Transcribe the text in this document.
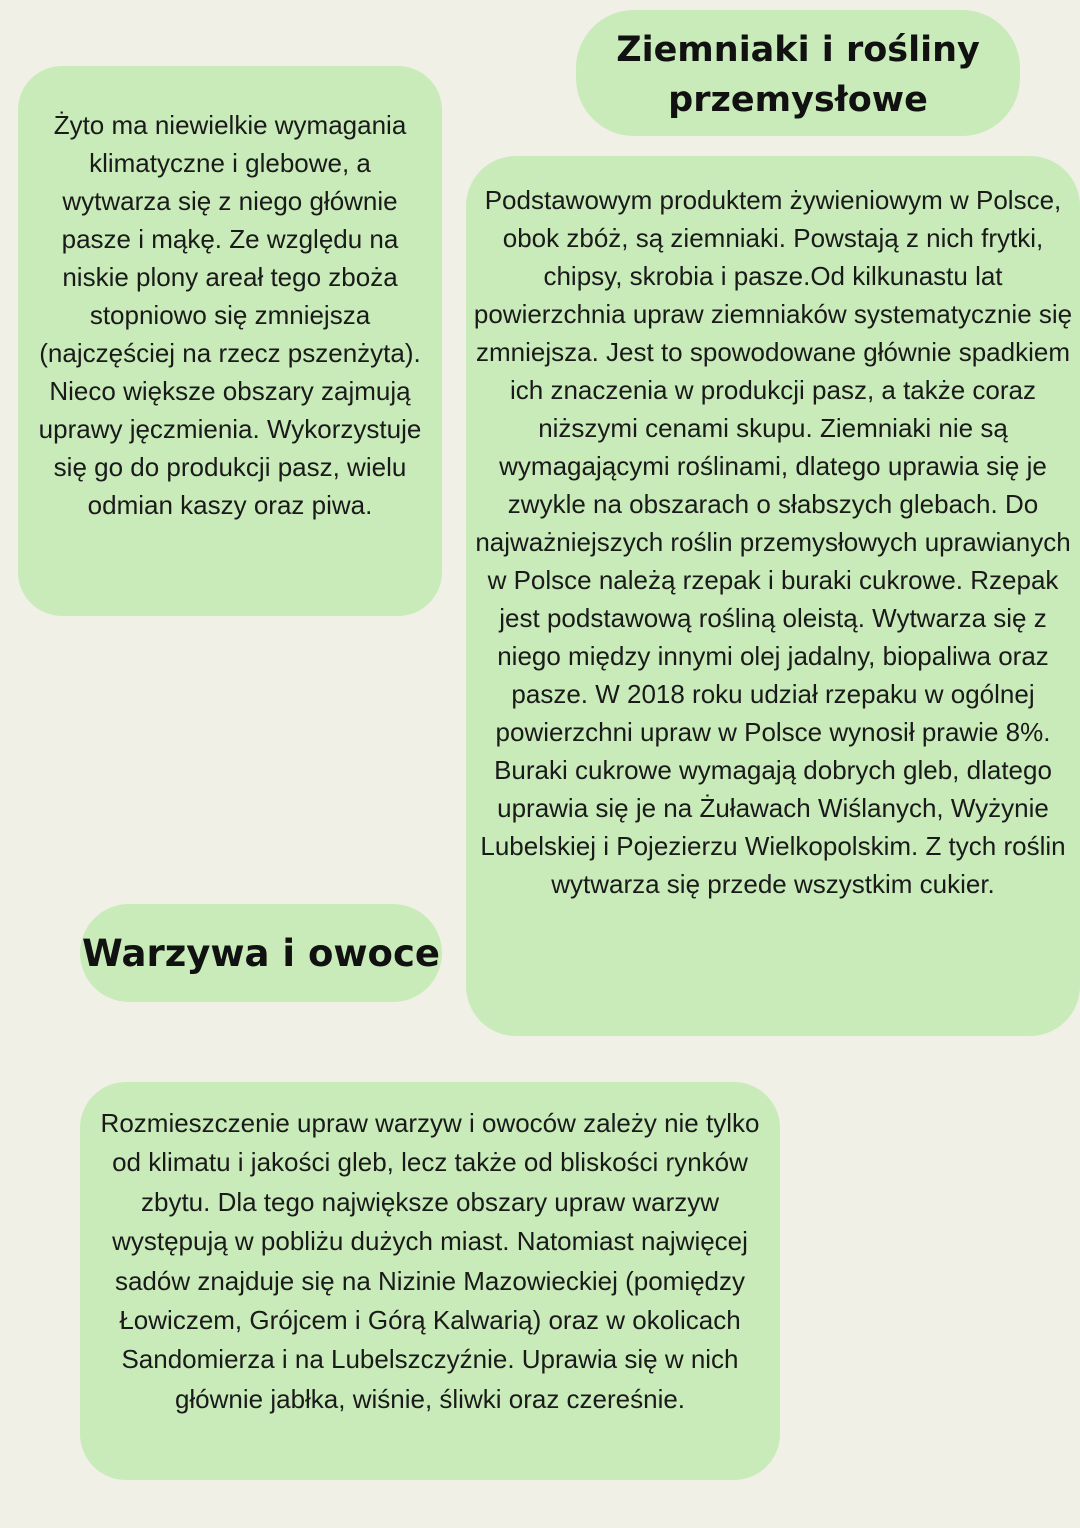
Żyto ma niewielkie wymagania klimatyczne i glebowe, a wytwarza się z niego głównie pasze i mąkę. Ze względu na niskie plony areał tego zboża stopniowo się zmniejsza (najczęściej na rzecz pszenżyta). Nieco większe obszary zajmują uprawy jęczmienia. Wykorzystuje się go do produkcji pasz, wielu odmian kaszy oraz piwa.

Ziemniaki i rośliny przemysłowe

Podstawowym produktem żywieniowym w Polsce, obok zbóż, są ziemniaki. Powstają z nich frytki, chipsy, skrobia i pasze.Od kilkunastu lat powierzchnia upraw ziemniaków systematycznie się zmniejsza. Jest to spowodowane głównie spadkiem ich znaczenia w produkcji pasz, a także coraz niższymi cenami skupu. Ziemniaki nie są wymagającymi roślinami, dlatego uprawia się je zwykle na obszarach o słabszych glebach. Do najważniejszych roślin przemysłowych uprawianych w Polsce należą rzepak i buraki cukrowe. Rzepak jest podstawową rośliną oleistą. Wytwarza się z niego między innymi olej jadalny, biopaliwa oraz pasze. W 2018 roku udział rzepaku w ogólnej powierzchni upraw w Polsce wynosił prawie 8%. Buraki cukrowe wymagają dobrych gleb, dlatego uprawia się je na Żuławach Wiślanych, Wyżynie Lubelskiej i Pojezierzu Wielkopolskim. Z tych roślin wytwarza się przede wszystkim cukier.

Warzywa i owoce

Rozmieszczenie upraw warzyw i owoców zależy nie tylko od klimatu i jakości gleb, lecz także od bliskości rynków zbytu. Dla tego największe obszary upraw warzyw występują w pobliżu dużych miast. Natomiast najwięcej sadów znajduje się na Nizinie Mazowieckiej (pomiędzy Łowiczem, Grójcem i Górą Kalwarią) oraz w okolicach Sandomierza i na Lubelszczyźnie. Uprawia się w nich głównie jabłka, wiśnie, śliwki oraz czereśnie.
